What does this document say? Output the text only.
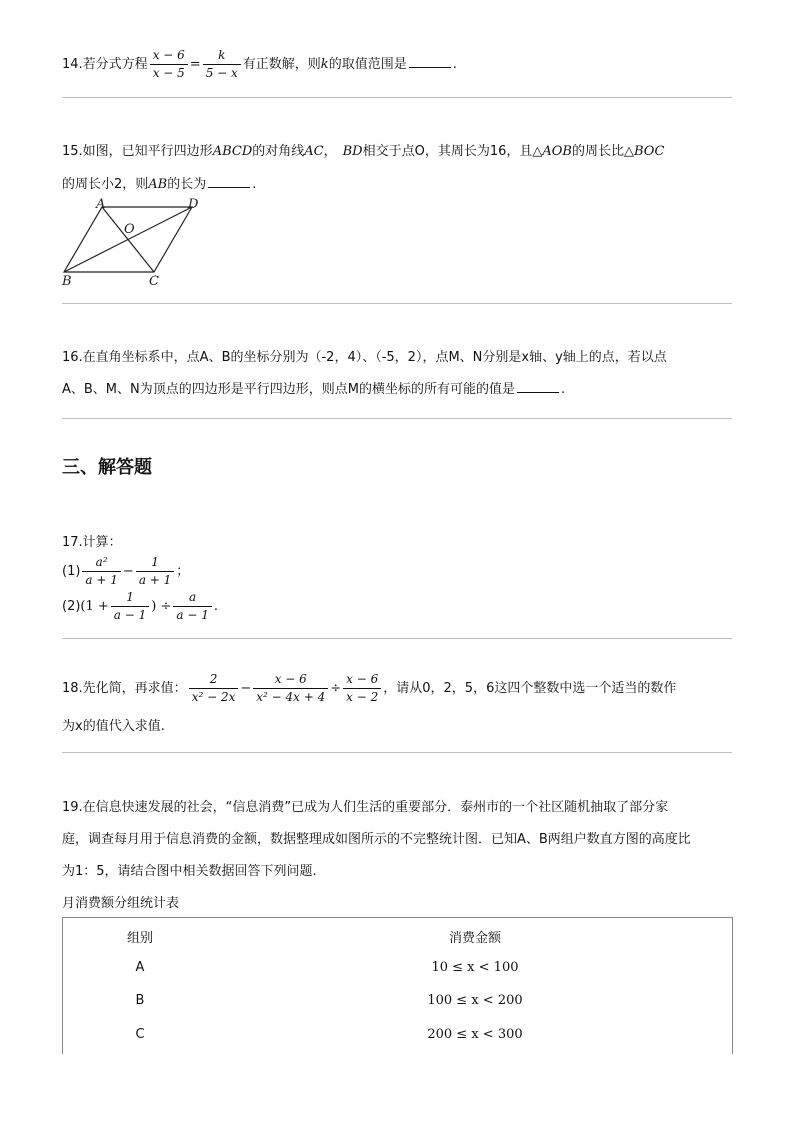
14.若分式方程 $\frac{x - 6}{x - 5} = \frac{k}{5 - x}$ 有正数解，则k的取值范围是	.
15.如图，已知平行四边形ABCD的对角线AC， BD相交于点O，其周长为16，且△AOB的周长比△BOC
的周长小2，则AB的长为	.
A	D
O
B	C
16.在直角坐标系中，点A、B的坐标分别为（-2，4）、（-5，2），点M、N分别是x轴、y轴上的点，若以点
A、B、M、N为顶点的四边形是平行四边形，则点M的横坐标的所有可能的值是	.
三、解答题
17.计算：
$(1) \frac{\text{a²}}{a + 1} - \frac{1}{a + 1}$ ；
$(2)(1 + \frac{1}{a - 1}$ ) ÷ $\frac{a}{a - 1}$ .
18.先化简，再求值： $\frac{2}{\text{x² − 2x}} - \frac{x - 6}{\text{x² − 4x + 4}} \div \frac{x - 6}{x - 2}$ ，请从0，2，5，6这四个整数中选一个适当的数作
为x的值代入求值.
19.在信息快速发展的社会，“信息消费”已成为人们生活的重要部分．泰州市的一个社区随机抽取了部分家
庭，调查每月用于信息消费的金额，数据整理成如图所示的不完整统计图．已知A、B两组户数直方图的高度比
为1：5，请结合图中相关数据回答下列问题.
月消费额分组统计表
组别	消费金额
A	10 ≤ x < 100
B	100 ≤ x < 200
C	200 ≤ x < 300
